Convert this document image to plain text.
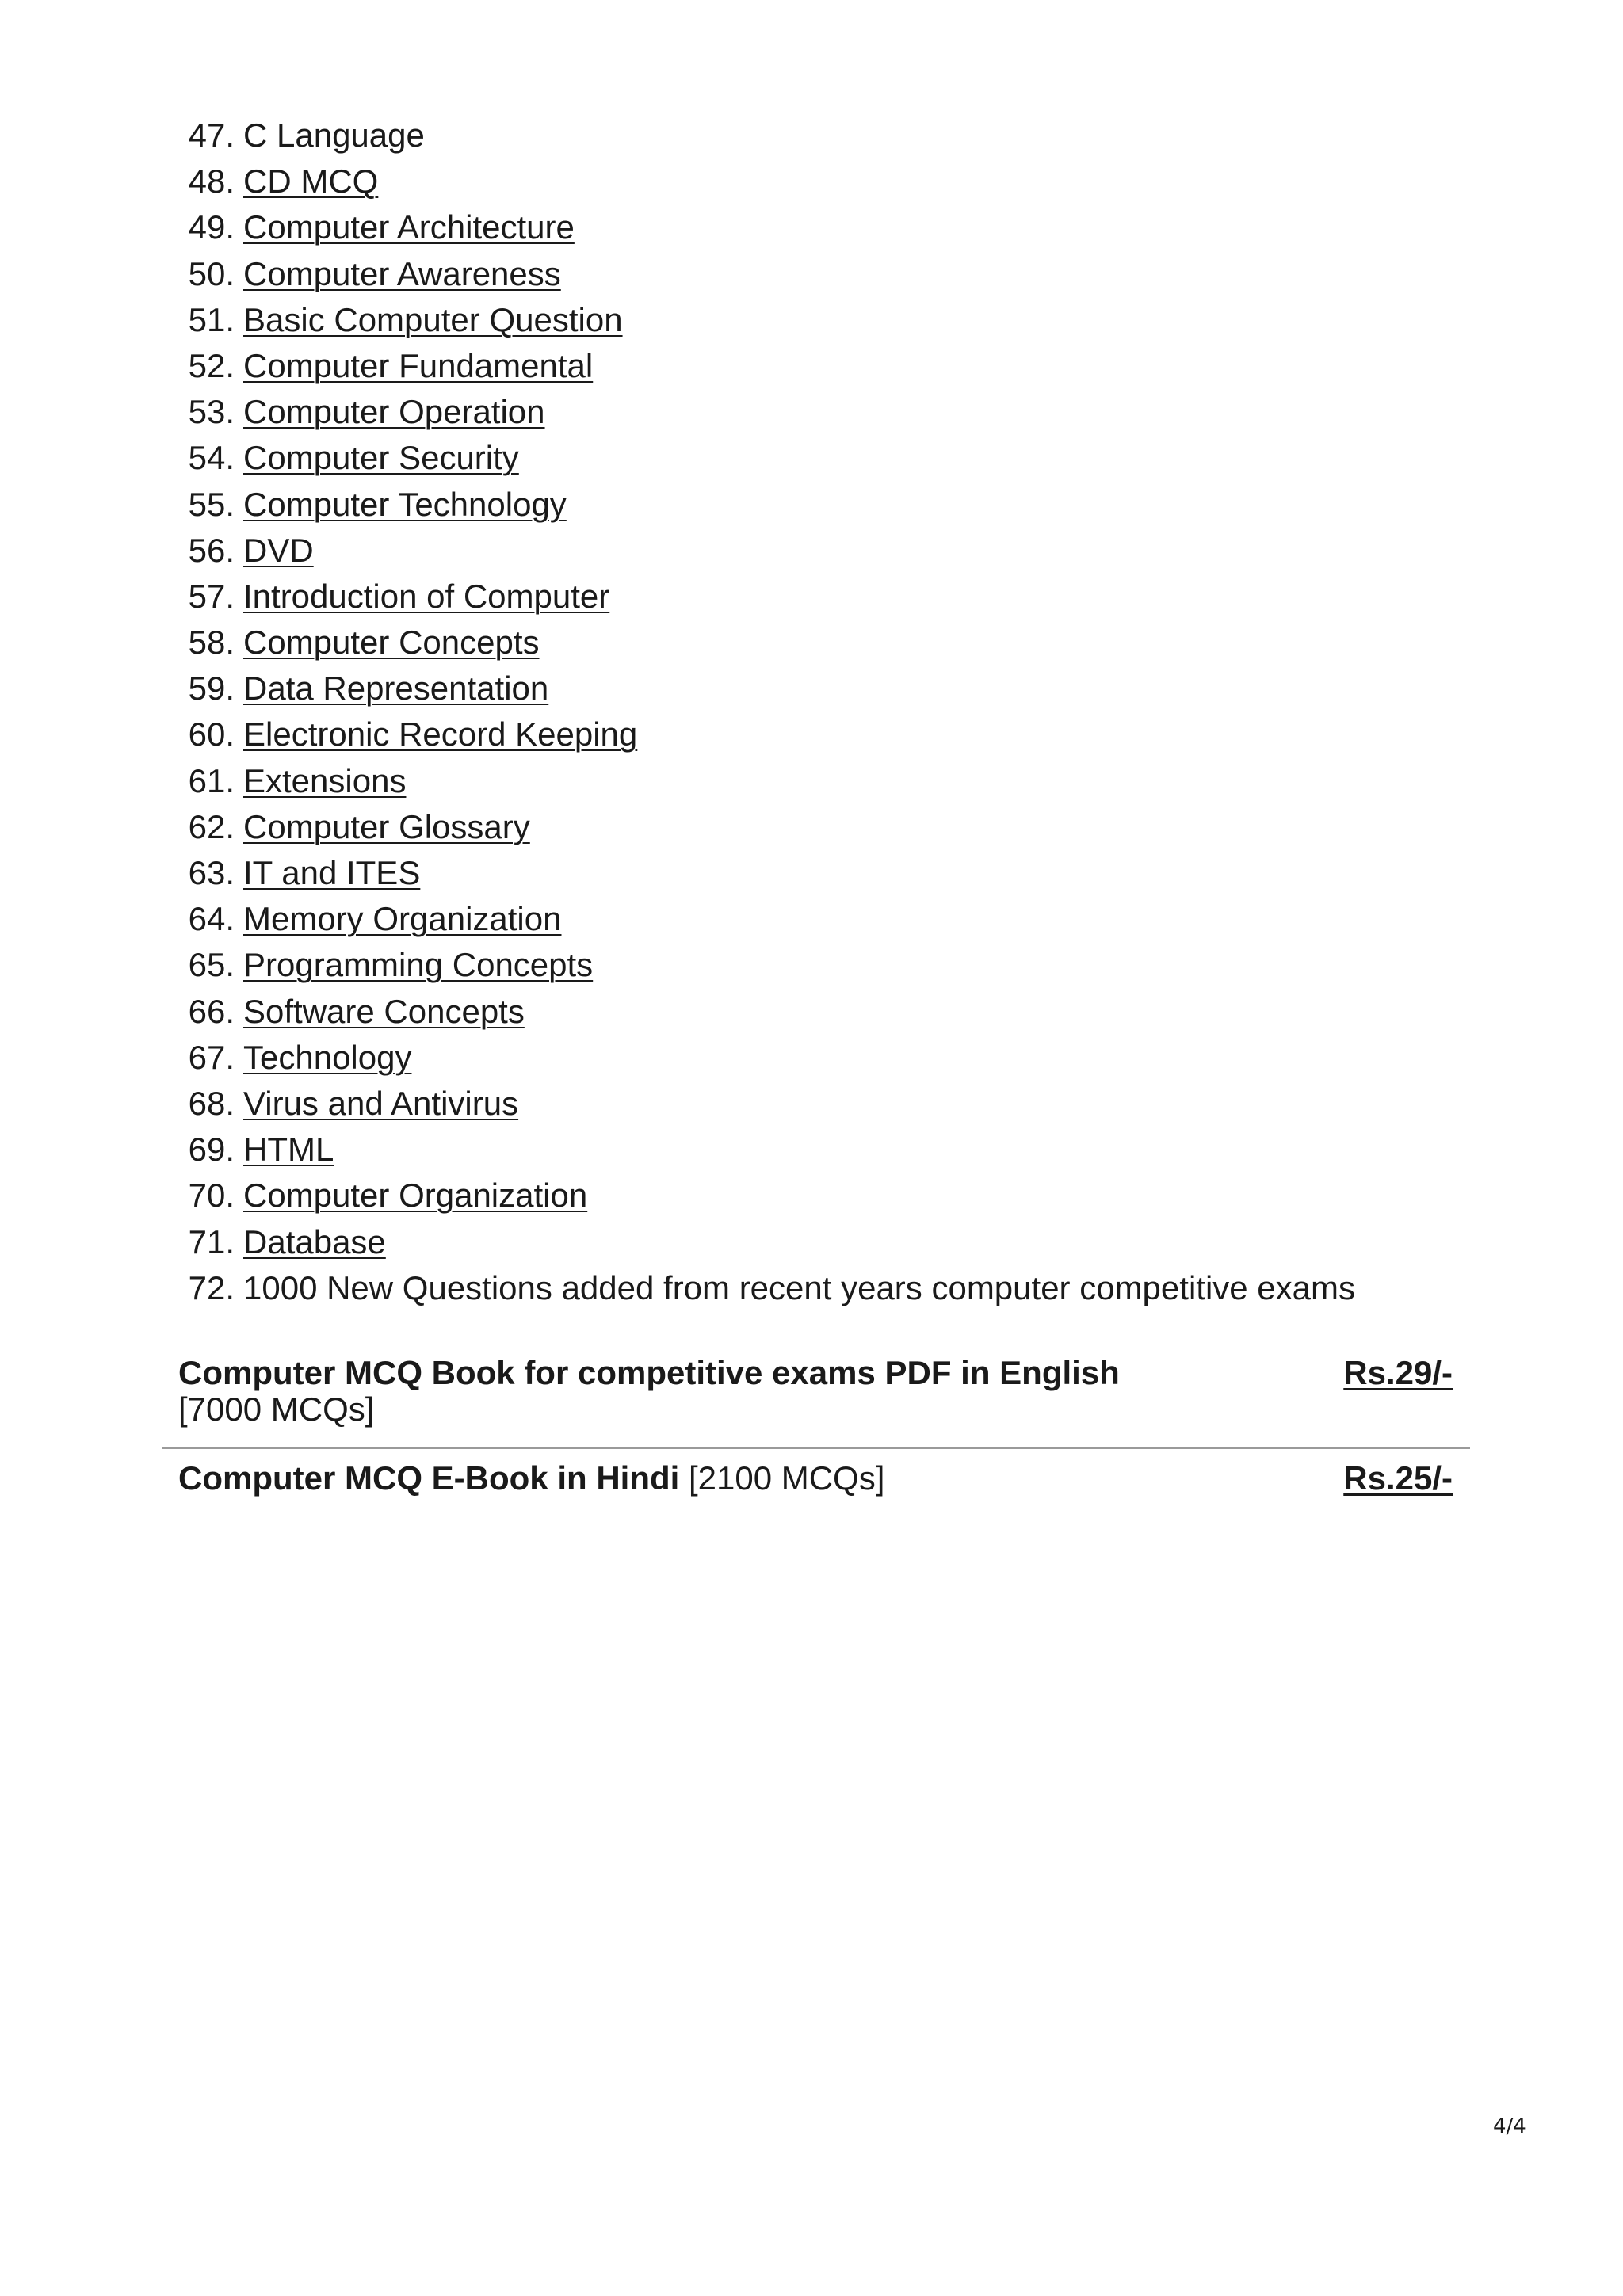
47. C Language
48. CD MCQ
49. Computer Architecture
50. Computer Awareness
51. Basic Computer Question
52. Computer Fundamental
53. Computer Operation
54. Computer Security
55. Computer Technology
56. DVD
57. Introduction of Computer
58. Computer Concepts
59. Data Representation
60. Electronic Record Keeping
61. Extensions
62. Computer Glossary
63. IT and ITES
64. Memory Organization
65. Programming Concepts
66. Software Concepts
67. Technology
68. Virus and Antivirus
69. HTML
70. Computer Organization
71. Database
72. 1000 New Questions added from recent years computer competitive exams
Computer MCQ Book for competitive exams PDF in English [7000 MCQs]
Rs.29/-
Computer MCQ E-Book in Hindi [2100 MCQs]	Rs.25/-
4/4
